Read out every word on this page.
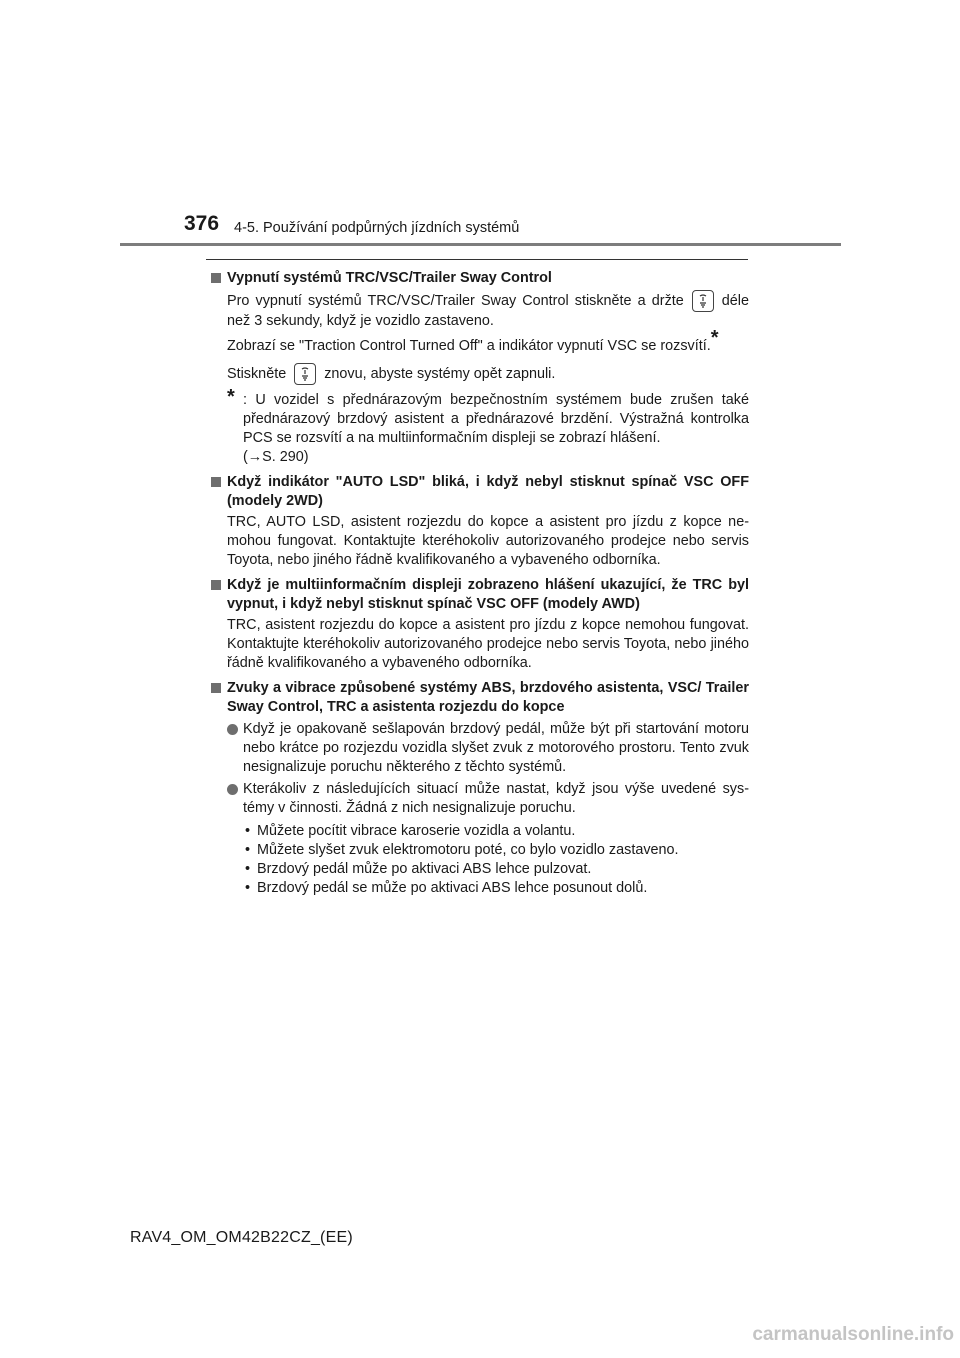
376 4-5. Používání podpůrných jízdních systémů
Vypnutí systémů TRC/VSC/Trailer Sway Control
Pro vypnutí systémů TRC/VSC/Trailer Sway Control stiskněte a držte	déle než 3 sekundy, když je vozidlo zastaveno.
Zobrazí se "Traction Control Turned Off" a indikátor vypnutí VSC se rozsvítí.*
Stiskněte	znovu, abyste systémy opět zapnuli.
* : U vozidel s přednárazovým bezpečnostním systémem bude zrušen také přednárazový brzdový asistent a přednárazové brzdění. Výstražná kontrolka PCS se rozsvítí a na multiinformačním displeji se zobrazí hlášení.
(→S. 290)
Když indikátor "AUTO LSD" bliká, i když nebyl stisknut spínač VSC OFF (modely 2WD)
TRC, AUTO LSD, asistent rozjezdu do kopce a asistent pro jízdu z kopce nemohou fungovat. Kontaktujte kteréhokoliv autorizovaného prodejce nebo servis Toyota, nebo jiného řádně kvalifikovaného a vybaveného odborníka.
Když je multiinformačním displeji zobrazeno hlášení ukazující, že TRC byl vypnut, i když nebyl stisknut spínač VSC OFF (modely AWD)
TRC, asistent rozjezdu do kopce a asistent pro jízdu z kopce nemohou fungovat. Kontaktujte kteréhokoliv autorizovaného prodejce nebo servis Toyota, nebo jiného řádně kvalifikovaného a vybaveného odborníka.
Zvuky a vibrace způsobené systémy ABS, brzdového asistenta, VSC/ Trailer Sway Control, TRC a asistenta rozjezdu do kopce
Když je opakovaně sešlapován brzdový pedál, může být při startování motoru nebo krátce po rozjezdu vozidla slyšet zvuk z motorového prostoru. Tento zvuk nesignalizuje poruchu některého z těchto systémů.
Kterákoliv z následujících situací může nastat, když jsou výše uvedené systémy v činnosti. Žádná z nich nesignalizuje poruchu.
• Můžete pocítit vibrace karoserie vozidla a volantu.
• Můžete slyšet zvuk elektromotoru poté, co bylo vozidlo zastaveno.
• Brzdový pedál může po aktivaci ABS lehce pulzovat.
• Brzdový pedál se může po aktivaci ABS lehce posunout dolů.
RAV4_OM_OM42B22CZ_(EE)
carmanualsonline.info
